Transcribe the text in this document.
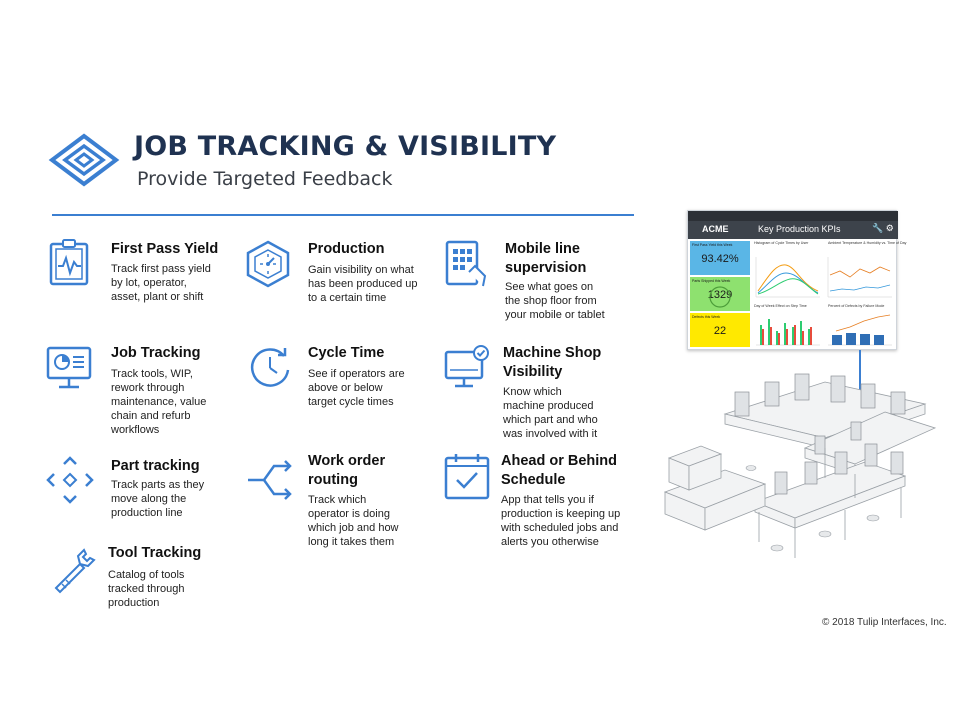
JOB TRACKING & VISIBILITY
Provide Targeted Feedback
First Pass Yield
Track first pass yield
by lot, operator,
asset, plant or shift
Production
Gain visibility on what
has been produced up
to a certain time
Mobile line
supervision
See what goes on
the shop floor from
your mobile or tablet
Job Tracking
Track tools, WIP,
rework through
maintenance, value
chain and refurb
workflows
Cycle Time
See if operators are
above or below
target cycle times
Machine Shop
Visibility
Know which
machine produced
which part and who
was involved with it
Part tracking
Track parts as they
move along the
production line
Work order
routing
Track which
operator is doing
which job and how
long it takes them
Ahead or Behind
Schedule
App that tells you if
production is keeping up
with scheduled jobs and
alerts you otherwise
Tool Tracking
Catalog of tools
tracked through
production
ACME	Key Production KPIs	🔧 ⚙
First Pass Yield this Week
93.42%
Parts Shipped this Week
1329
Defects this Week
22
Histogram of Cycle Times by User	Ambient Temperature & Humidity vs. Time of Day
Day of Week Effect on Step Time	Percent of Defects by Failure Mode
© 2018 Tulip Interfaces, Inc.
